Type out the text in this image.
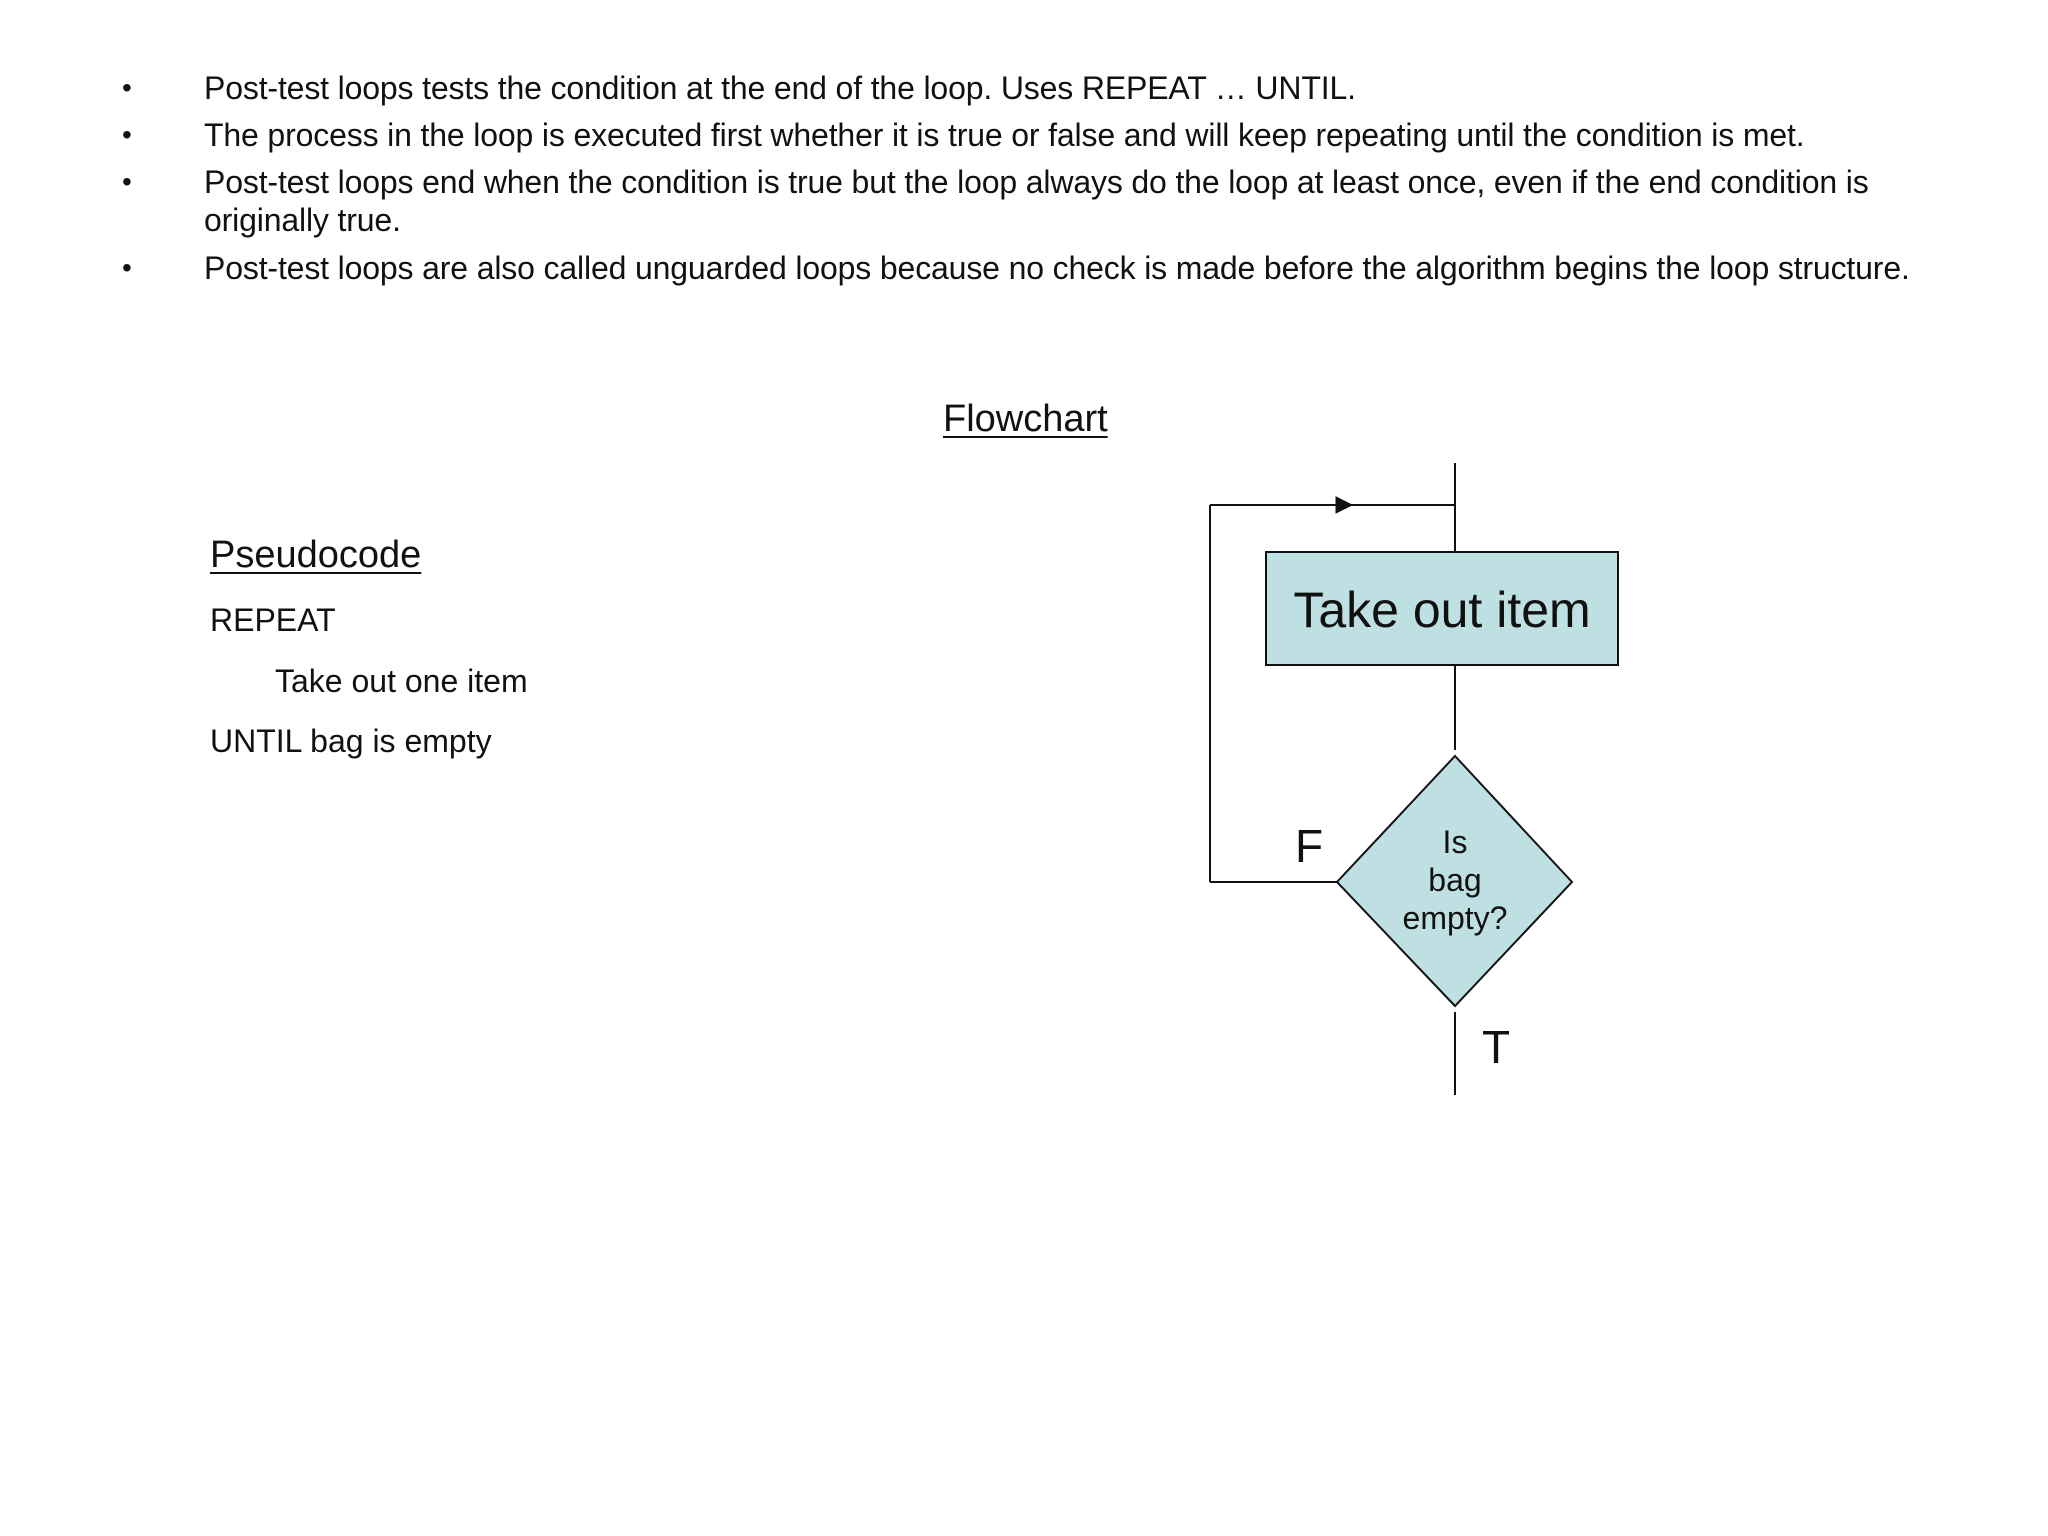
• Post-test loops tests the condition at the end of the loop. Uses REPEAT … UNTIL.
• The process in the loop is executed first whether it is true or false and will keep repeating until the condition is met.
• Post-test loops end when the condition is true but the loop always do the loop at least once, even if the end condition is originally true.
• Post-test loops are also called unguarded loops because no check is made before the algorithm begins the loop structure.
Flowchart
Pseudocode
REPEAT
Take out one item
UNTIL bag is empty
Take out item
Is
bag
empty?
F
T
